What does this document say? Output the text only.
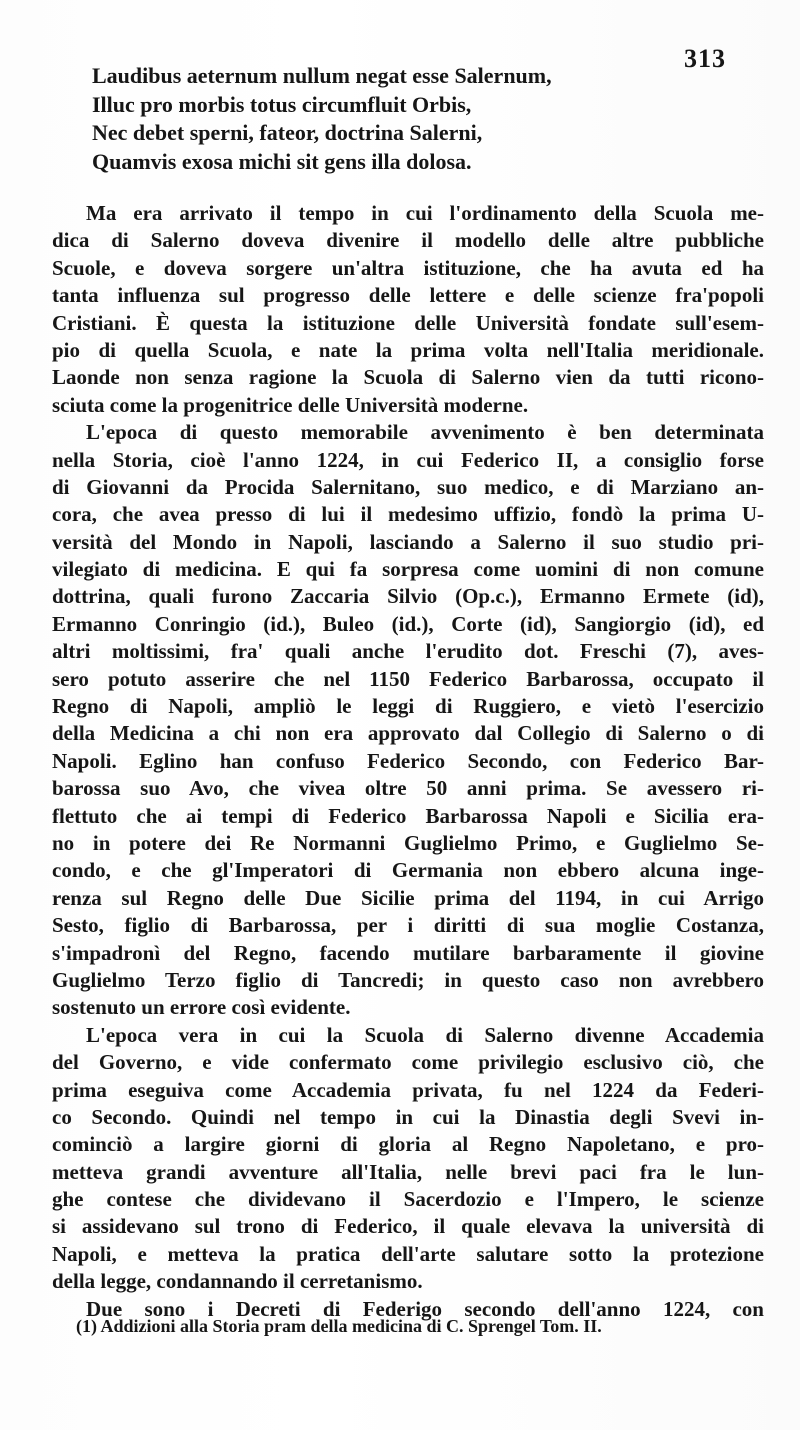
313
Laudibus aeternum nullum negat esse Salernum,
Illuc pro morbis totus circumfluit Orbis,
Nec debet sperni, fateor, doctrina Salerni,
Quamvis exosa michi sit gens illa dolosa.
Ma era arrivato il tempo in cui l'ordinamento della Scuola me-
dica di Salerno doveva divenire il modello delle altre pubbliche
Scuole, e doveva sorgere un'altra istituzione, che ha avuta ed ha
tanta influenza sul progresso delle lettere e delle scienze fra'popoli
Cristiani. È questa la istituzione delle Università fondate sull'esem-
pio di quella Scuola, e nate la prima volta nell'Italia meridionale.
Laonde non senza ragione la Scuola di Salerno vien da tutti ricono-
sciuta come la progenitrice delle Università moderne.
L'epoca di questo memorabile avvenimento è ben determinata
nella Storia, cioè l'anno 1224, in cui Federico II, a consiglio forse
di Giovanni da Procida Salernitano, suo medico, e di Marziano an-
cora, che avea presso di lui il medesimo uffizio, fondò la prima U-
versità del Mondo in Napoli, lasciando a Salerno il suo studio pri-
vilegiato di medicina. E qui fa sorpresa come uomini di non comune
dottrina, quali furono Zaccaria Silvio (Op.c.), Ermanno Ermete (id),
Ermanno Conringio (id.), Buleo (id.), Corte (id), Sangiorgio (id), ed
altri moltissimi, fra' quali anche l'erudito dot. Freschi (7), aves-
sero potuto asserire che nel 1150 Federico Barbarossa, occupato il
Regno di Napoli, ampliò le leggi di Ruggiero, e vietò l'esercizio
della Medicina a chi non era approvato dal Collegio di Salerno o di
Napoli. Eglino han confuso Federico Secondo, con Federico Bar-
barossa suo Avo, che vivea oltre 50 anni prima. Se avessero ri-
flettuto che ai tempi di Federico Barbarossa Napoli e Sicilia era-
no in potere dei Re Normanni Guglielmo Primo, e Guglielmo Se-
condo, e che gl'Imperatori di Germania non ebbero alcuna inge-
renza sul Regno delle Due Sicilie prima del 1194, in cui Arrigo
Sesto, figlio di Barbarossa, per i diritti di sua moglie Costanza,
s'impadronì del Regno, facendo mutilare barbaramente il giovine
Guglielmo Terzo figlio di Tancredi; in questo caso non avrebbero
sostenuto un errore così evidente.
L'epoca vera in cui la Scuola di Salerno divenne Accademia
del Governo, e vide confermato come privilegio esclusivo ciò, che
prima eseguiva come Accademia privata, fu nel 1224 da Federi-
co Secondo. Quindi nel tempo in cui la Dinastia degli Svevi in-
cominciò a largire giorni di gloria al Regno Napoletano, e pro-
metteva grandi avventure all'Italia, nelle brevi paci fra le lun-
ghe contese che dividevano il Sacerdozio e l'Impero, le scienze
si assidevano sul trono di Federico, il quale elevava la università di
Napoli, e metteva la pratica dell'arte salutare sotto la protezione
della legge, condannando il cerretanismo.
Due sono i Decreti di Federigo secondo dell'anno 1224, con
(1) Addizioni alla Storia pram della medicina di C. Sprengel Tom. II.
